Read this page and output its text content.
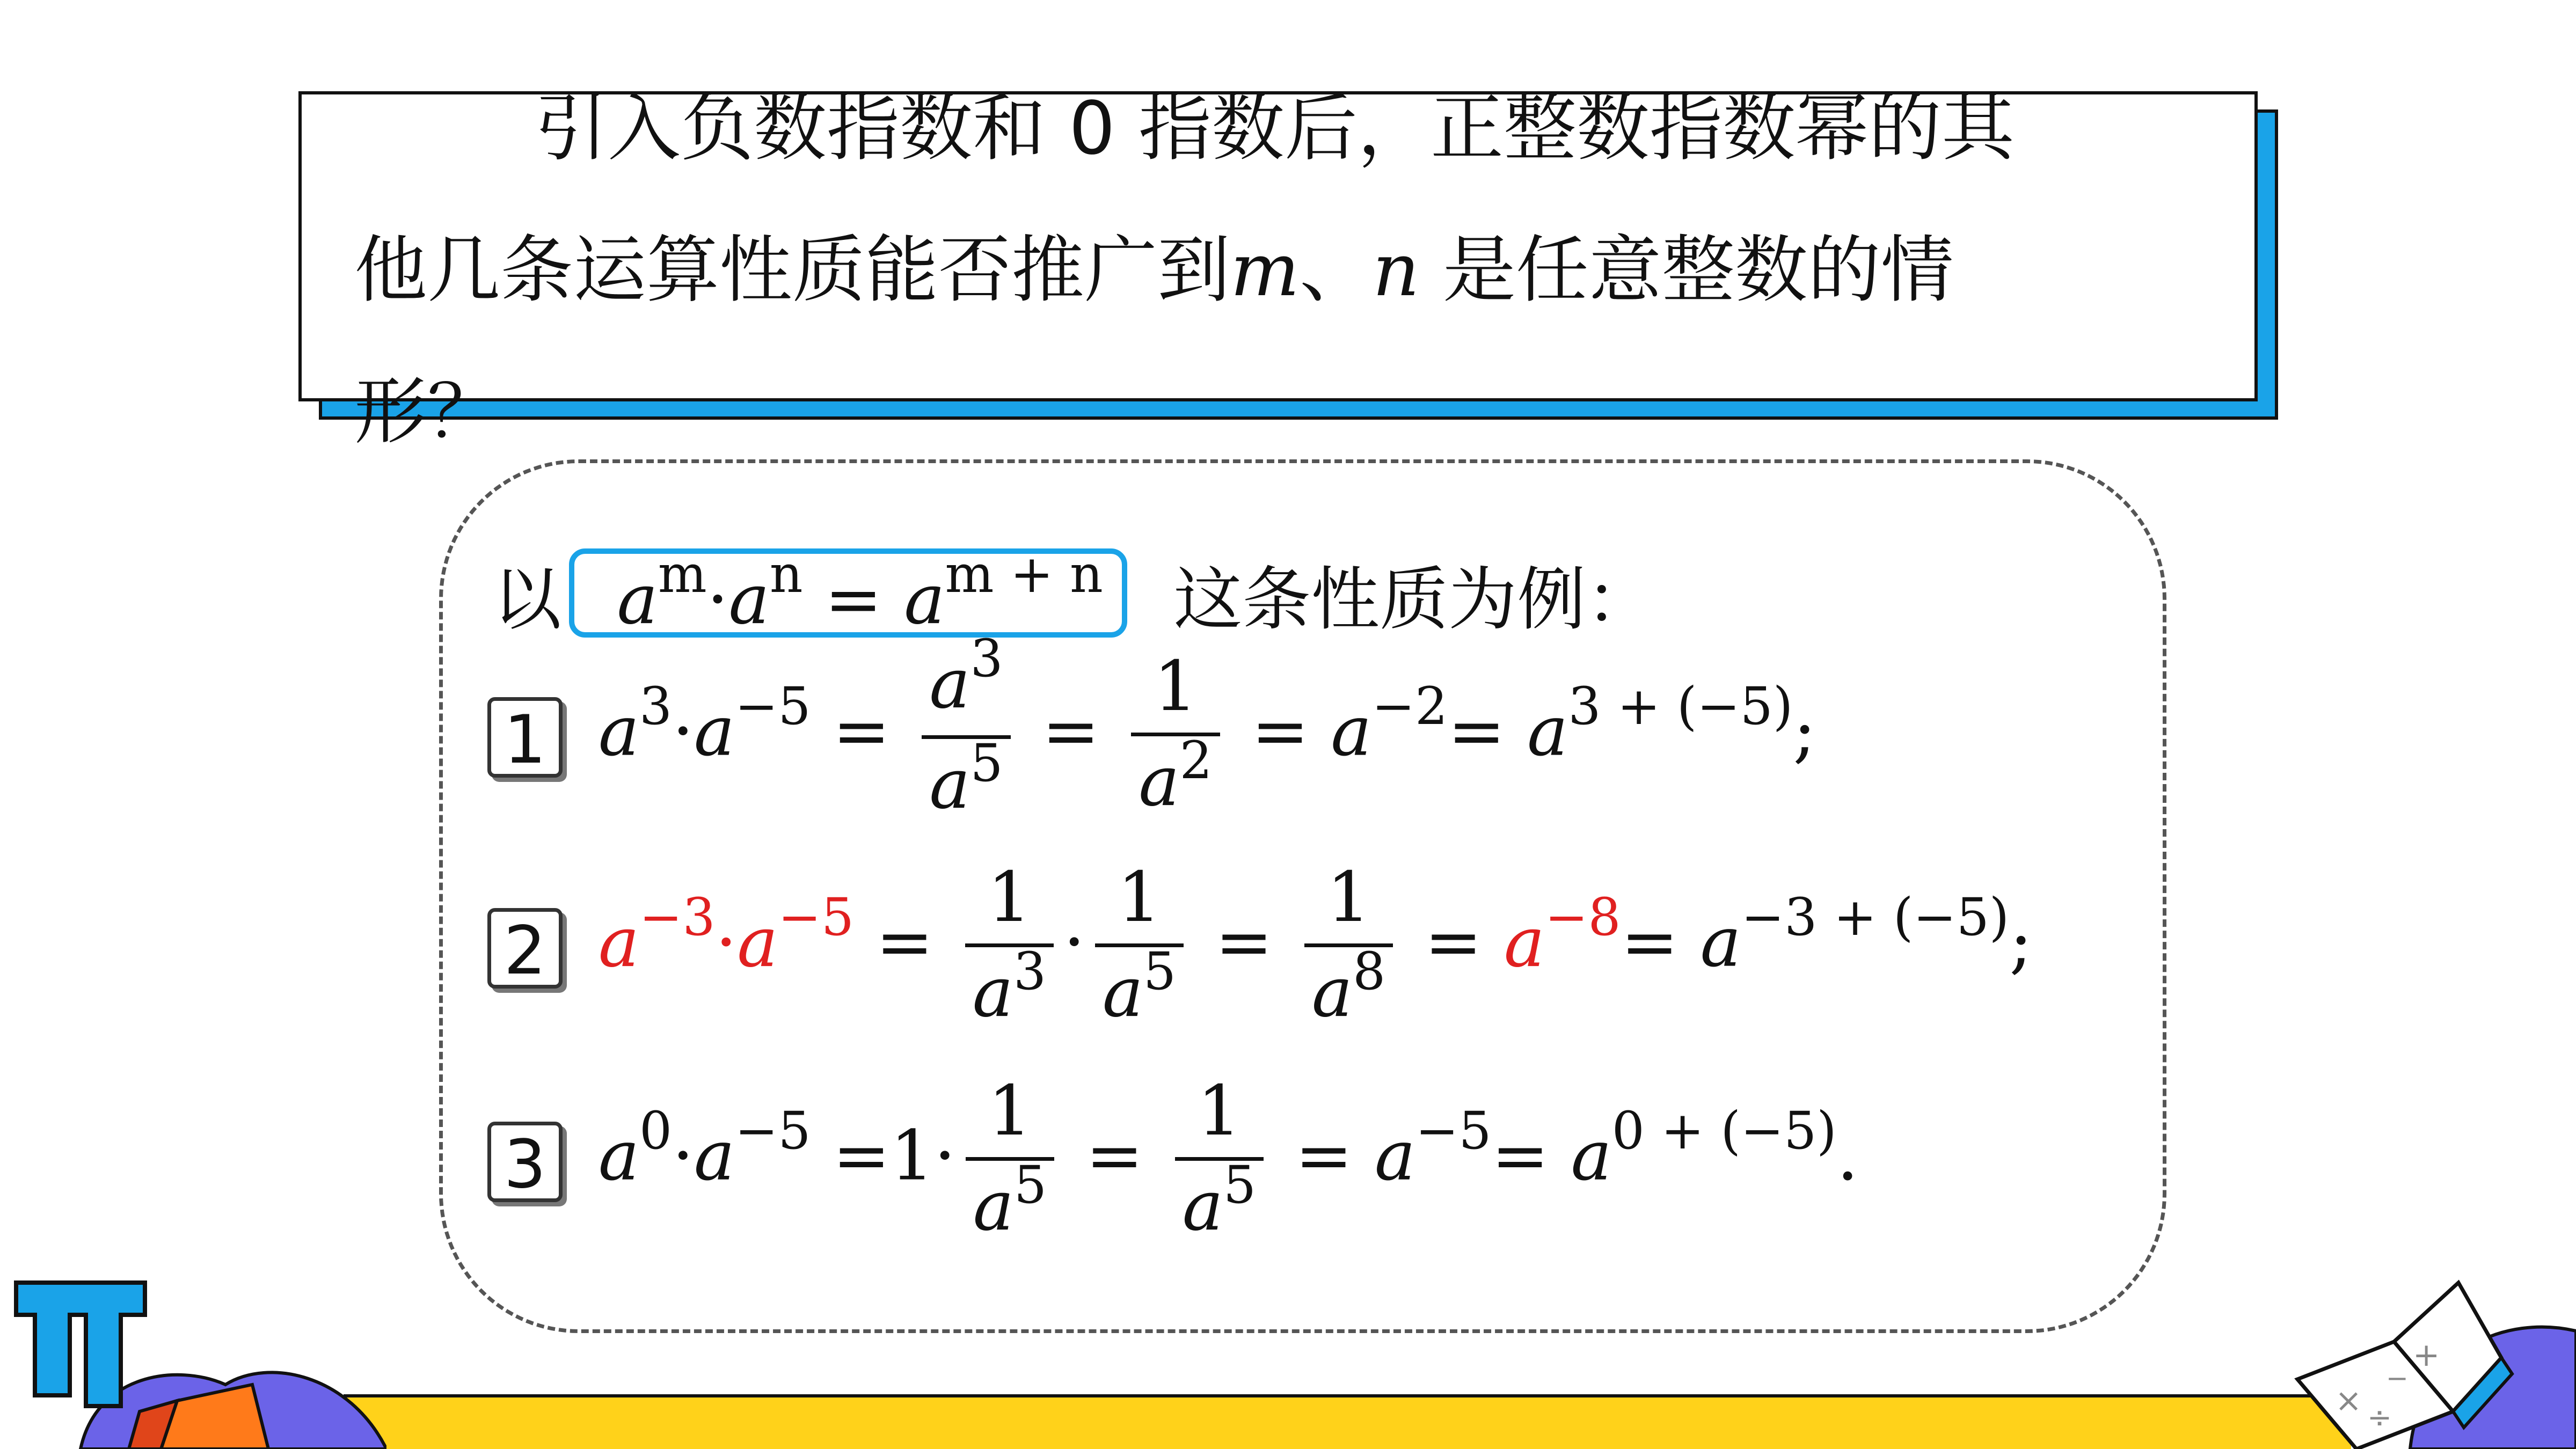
引入负数指数和 0 指数后，正整数指数幂的其
他几条运算性质能否推广到m、n 是任意整数的情
形？

以 $a^m\cdot a^n = a^{m + n}$ 这条性质为例：
1 $a^3\cdot a^{-5}$ =
$a^3$
$a^5$ =
1
$a^2 = a^{-2}= a^{3 + (-5)}$;
2 $a^{-3}\cdot a^{-5}$ =
1
$a^3$ ·
1
$a^5$ =
1
$a^8 = a^{-8}= a^{-3 + (-5)}$;
3 $a^0\cdot a^{-5} =1\cdot$
1
$a^5$ =
1
$a^5 = a^{-5}= a^{0 + (-5)}$.
+
−
× ÷
